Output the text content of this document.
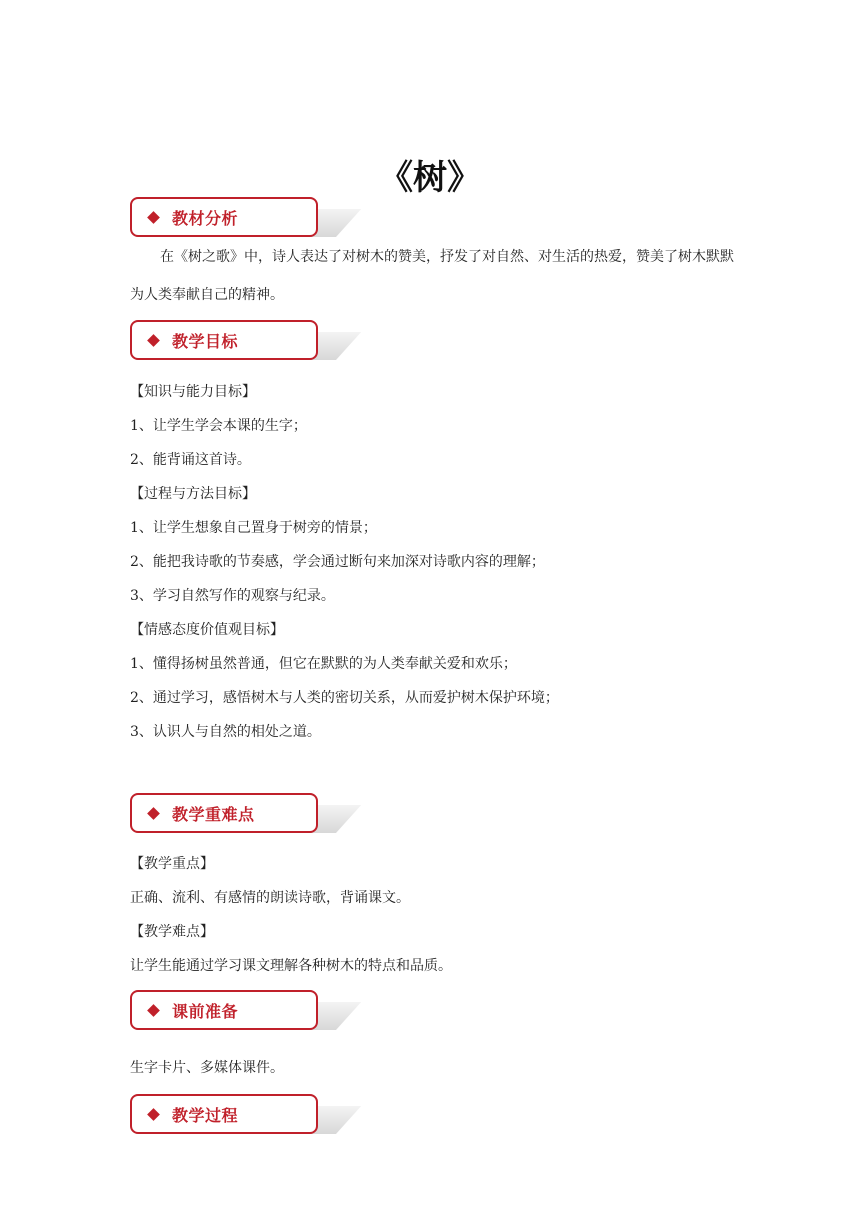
《树》
教材分析
在《树之歌》中，诗人表达了对树木的赞美，抒发了对自然、对生活的热爱，赞美了树木默默为人类奉献自己的精神。
教学目标
【知识与能力目标】
1、让学生学会本课的生字；
2、能背诵这首诗。
【过程与方法目标】
1、让学生想象自己置身于树旁的情景；
2、能把我诗歌的节奏感，学会通过断句来加深对诗歌内容的理解；
3、学习自然写作的观察与纪录。
【情感态度价值观目标】
1、懂得扬树虽然普通，但它在默默的为人类奉献关爱和欢乐；
2、通过学习，感悟树木与人类的密切关系，从而爱护树木保护环境；
3、认识人与自然的相处之道。
教学重难点
【教学重点】
正确、流利、有感情的朗读诗歌，背诵课文。
【教学难点】
让学生能通过学习课文理解各种树木的特点和品质。
课前准备
生字卡片、多媒体课件。
教学过程
